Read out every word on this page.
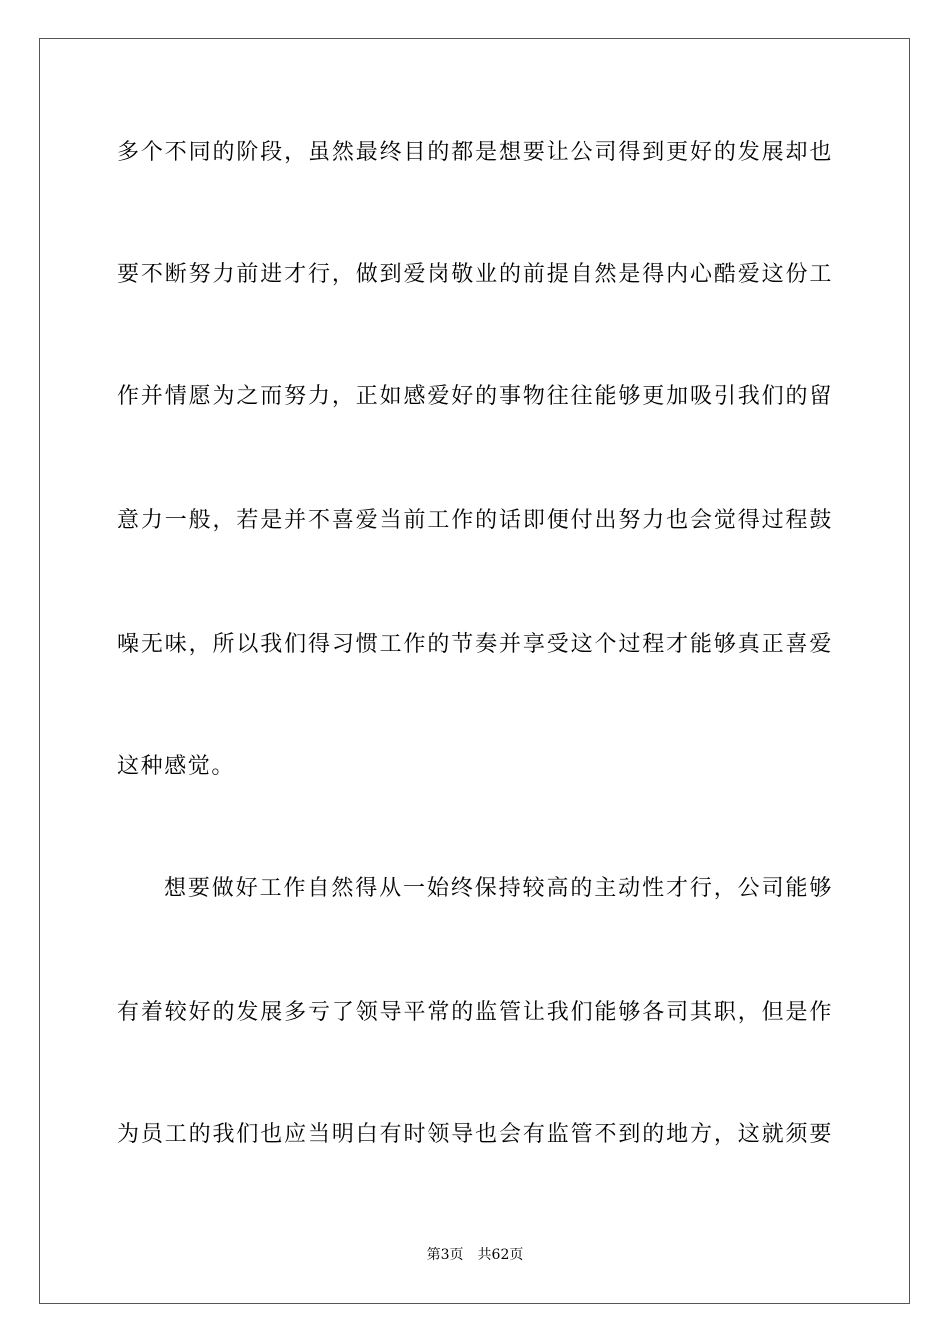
多个不同的阶段，虽然最终目的都是想要让公司得到更好的发展却也

要不断努力前进才行，做到爱岗敬业的前提自然是得内心酷爱这份工

作并情愿为之而努力，正如感爱好的事物往往能够更加吸引我们的留

意力一般，若是并不喜爱当前工作的话即便付出努力也会觉得过程鼓

噪无味，所以我们得习惯工作的节奏并享受这个过程才能够真正喜爱

这种感觉。

想要做好工作自然得从一始终保持较高的主动性才行，公司能够

有着较好的发展多亏了领导平常的监管让我们能够各司其职，但是作

为员工的我们也应当明白有时领导也会有监管不到的地方，这就须要

第3页 共62页
